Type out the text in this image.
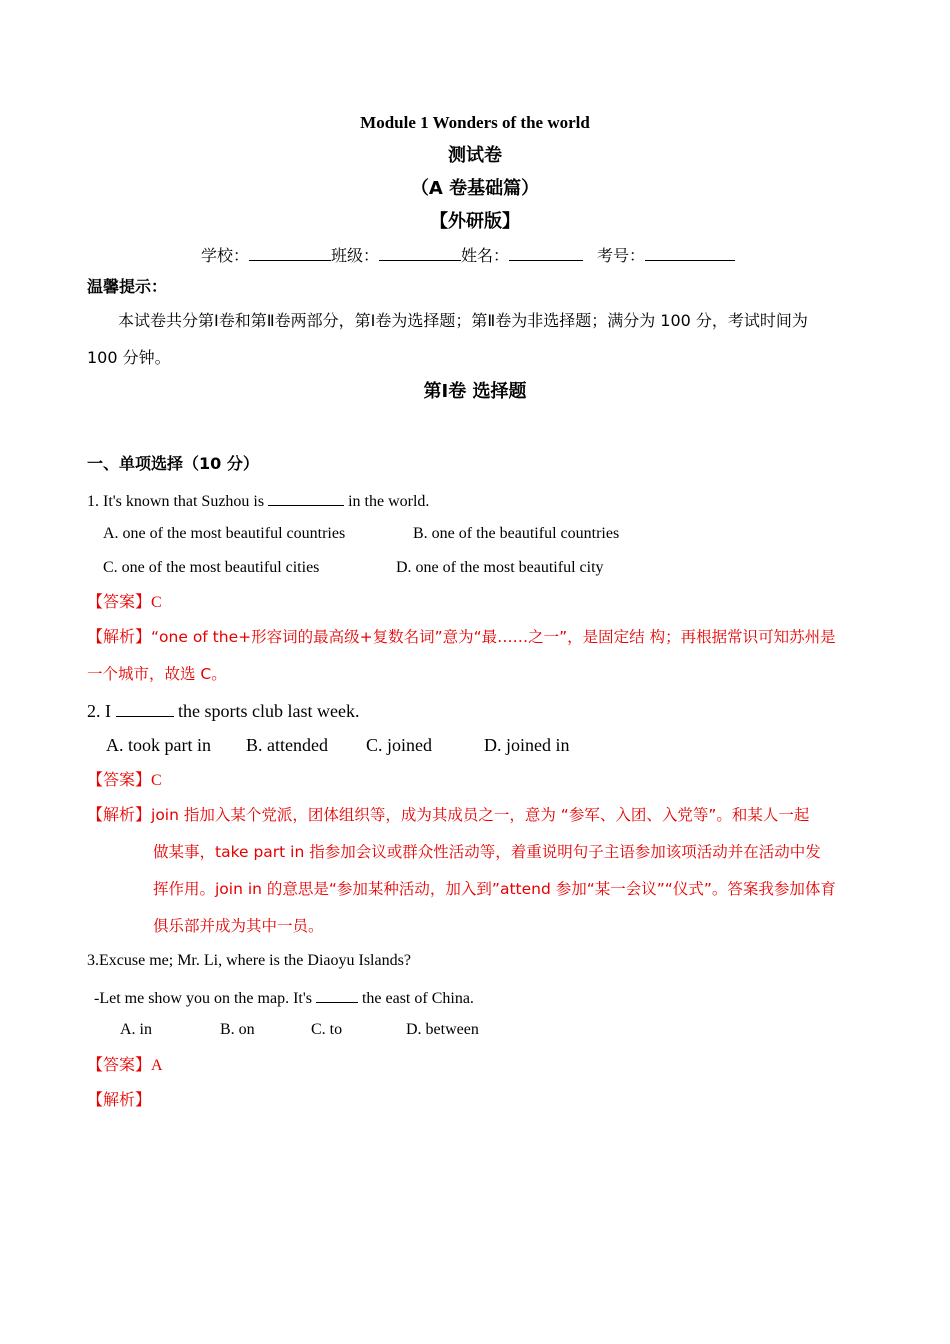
Module 1 Wonders of the world
测试卷
（A 卷基础篇）
【外研版】
学校：	班级：	姓名：	考号：
温馨提示：
本试卷共分第Ⅰ卷和第Ⅱ卷两部分，第Ⅰ卷为选择题；第Ⅱ卷为非选择题；满分为 100 分，考试时间为
100 分钟。
第Ⅰ卷 选择题
一、单项选择（10 分）
1. It's known that Suzhou is	in the world.
A. one of the most beautiful countries	B. one of the beautiful countries
C. one of the most beautiful cities	D. one of the most beautiful city
【答案】C
【解析】“one of the+形容词的最高级+复数名词”意为“最……之一”，是固定结 构；再根据常识可知苏州是
一个城市，故选 C。
2. I	the sports club last week.
A. took part in B. attended C. joined	D. joined in
【答案】C
【解析】join 指加入某个党派，团体组织等，成为其成员之一，意为 “参军、入团、入党等”。和某人一起
做某事，take part in 指参加会议或群众性活动等，着重说明句子主语参加该项活动并在活动中发
挥作用。join in 的意思是“参加某种活动，加入到”attend 参加“某一会议”“仪式”。答案我参加体育
俱乐部并成为其中一员。
3.Excuse me; Mr. Li, where is the Diaoyu Islands?
-Let me show you on the map. It's	the east of China.
A. in	B. on	C. to	D. between
【答案】A
【解析】
